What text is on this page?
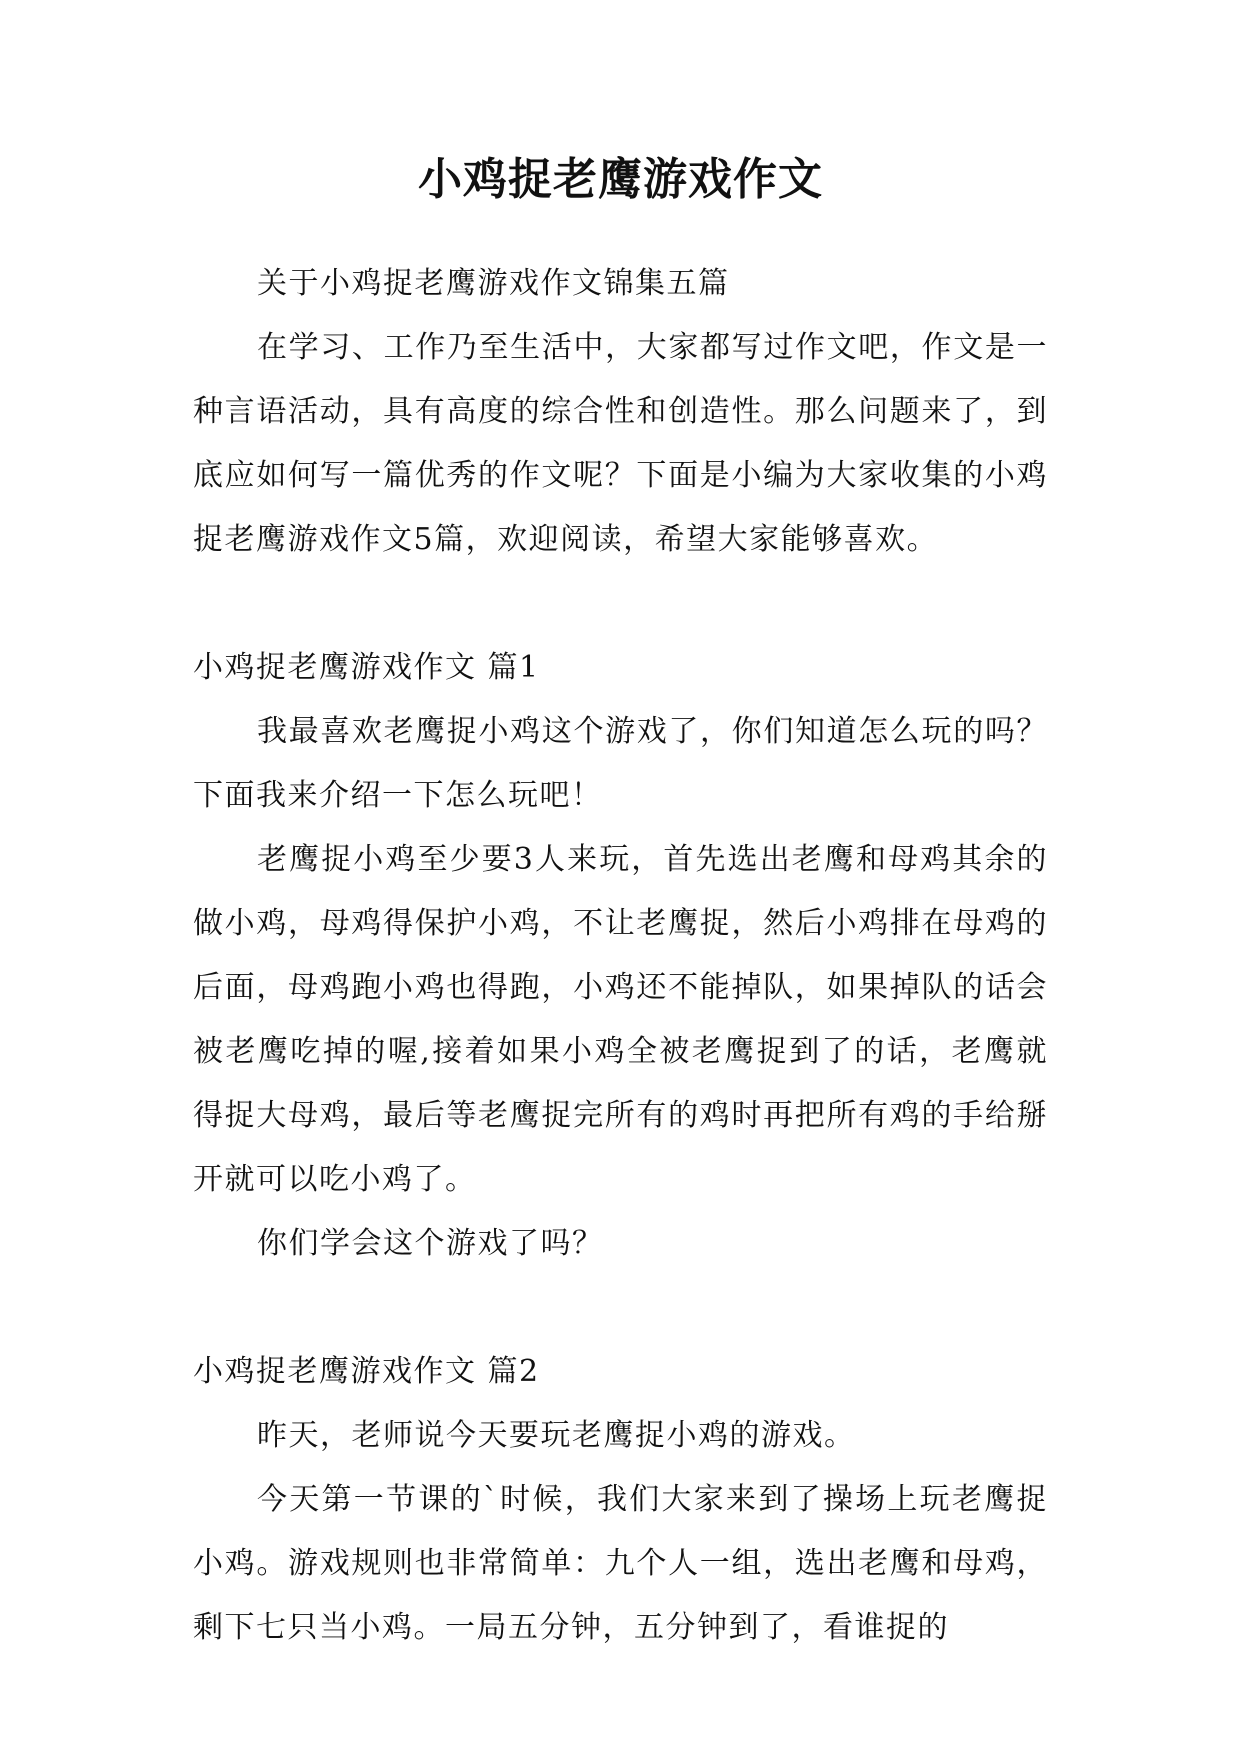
小鸡捉老鹰游戏作文

关于小鸡捉老鹰游戏作文锦集五篇

在学习、工作乃至生活中，大家都写过作文吧，作文是一种言语活动，具有高度的综合性和创造性。那么问题来了，到底应如何写一篇优秀的作文呢？下面是小编为大家收集的小鸡捉老鹰游戏作文5篇，欢迎阅读，希望大家能够喜欢。

小鸡捉老鹰游戏作文 篇1

我最喜欢老鹰捉小鸡这个游戏了，你们知道怎么玩的吗？下面我来介绍一下怎么玩吧！

老鹰捉小鸡至少要3人来玩，首先选出老鹰和母鸡其余的做小鸡，母鸡得保护小鸡，不让老鹰捉，然后小鸡排在母鸡的后面，母鸡跑小鸡也得跑，小鸡还不能掉队，如果掉队的话会被老鹰吃掉的喔,接着如果小鸡全被老鹰捉到了的话，老鹰就得捉大母鸡，最后等老鹰捉完所有的鸡时再把所有鸡的手给掰开就可以吃小鸡了。

你们学会这个游戏了吗？

小鸡捉老鹰游戏作文 篇2

昨天，老师说今天要玩老鹰捉小鸡的游戏。

今天第一节课的`时候，我们大家来到了操场上玩老鹰捉小鸡。游戏规则也非常简单：九个人一组，选出老鹰和母鸡，剩下七只当小鸡。一局五分钟，五分钟到了，看谁捉的
